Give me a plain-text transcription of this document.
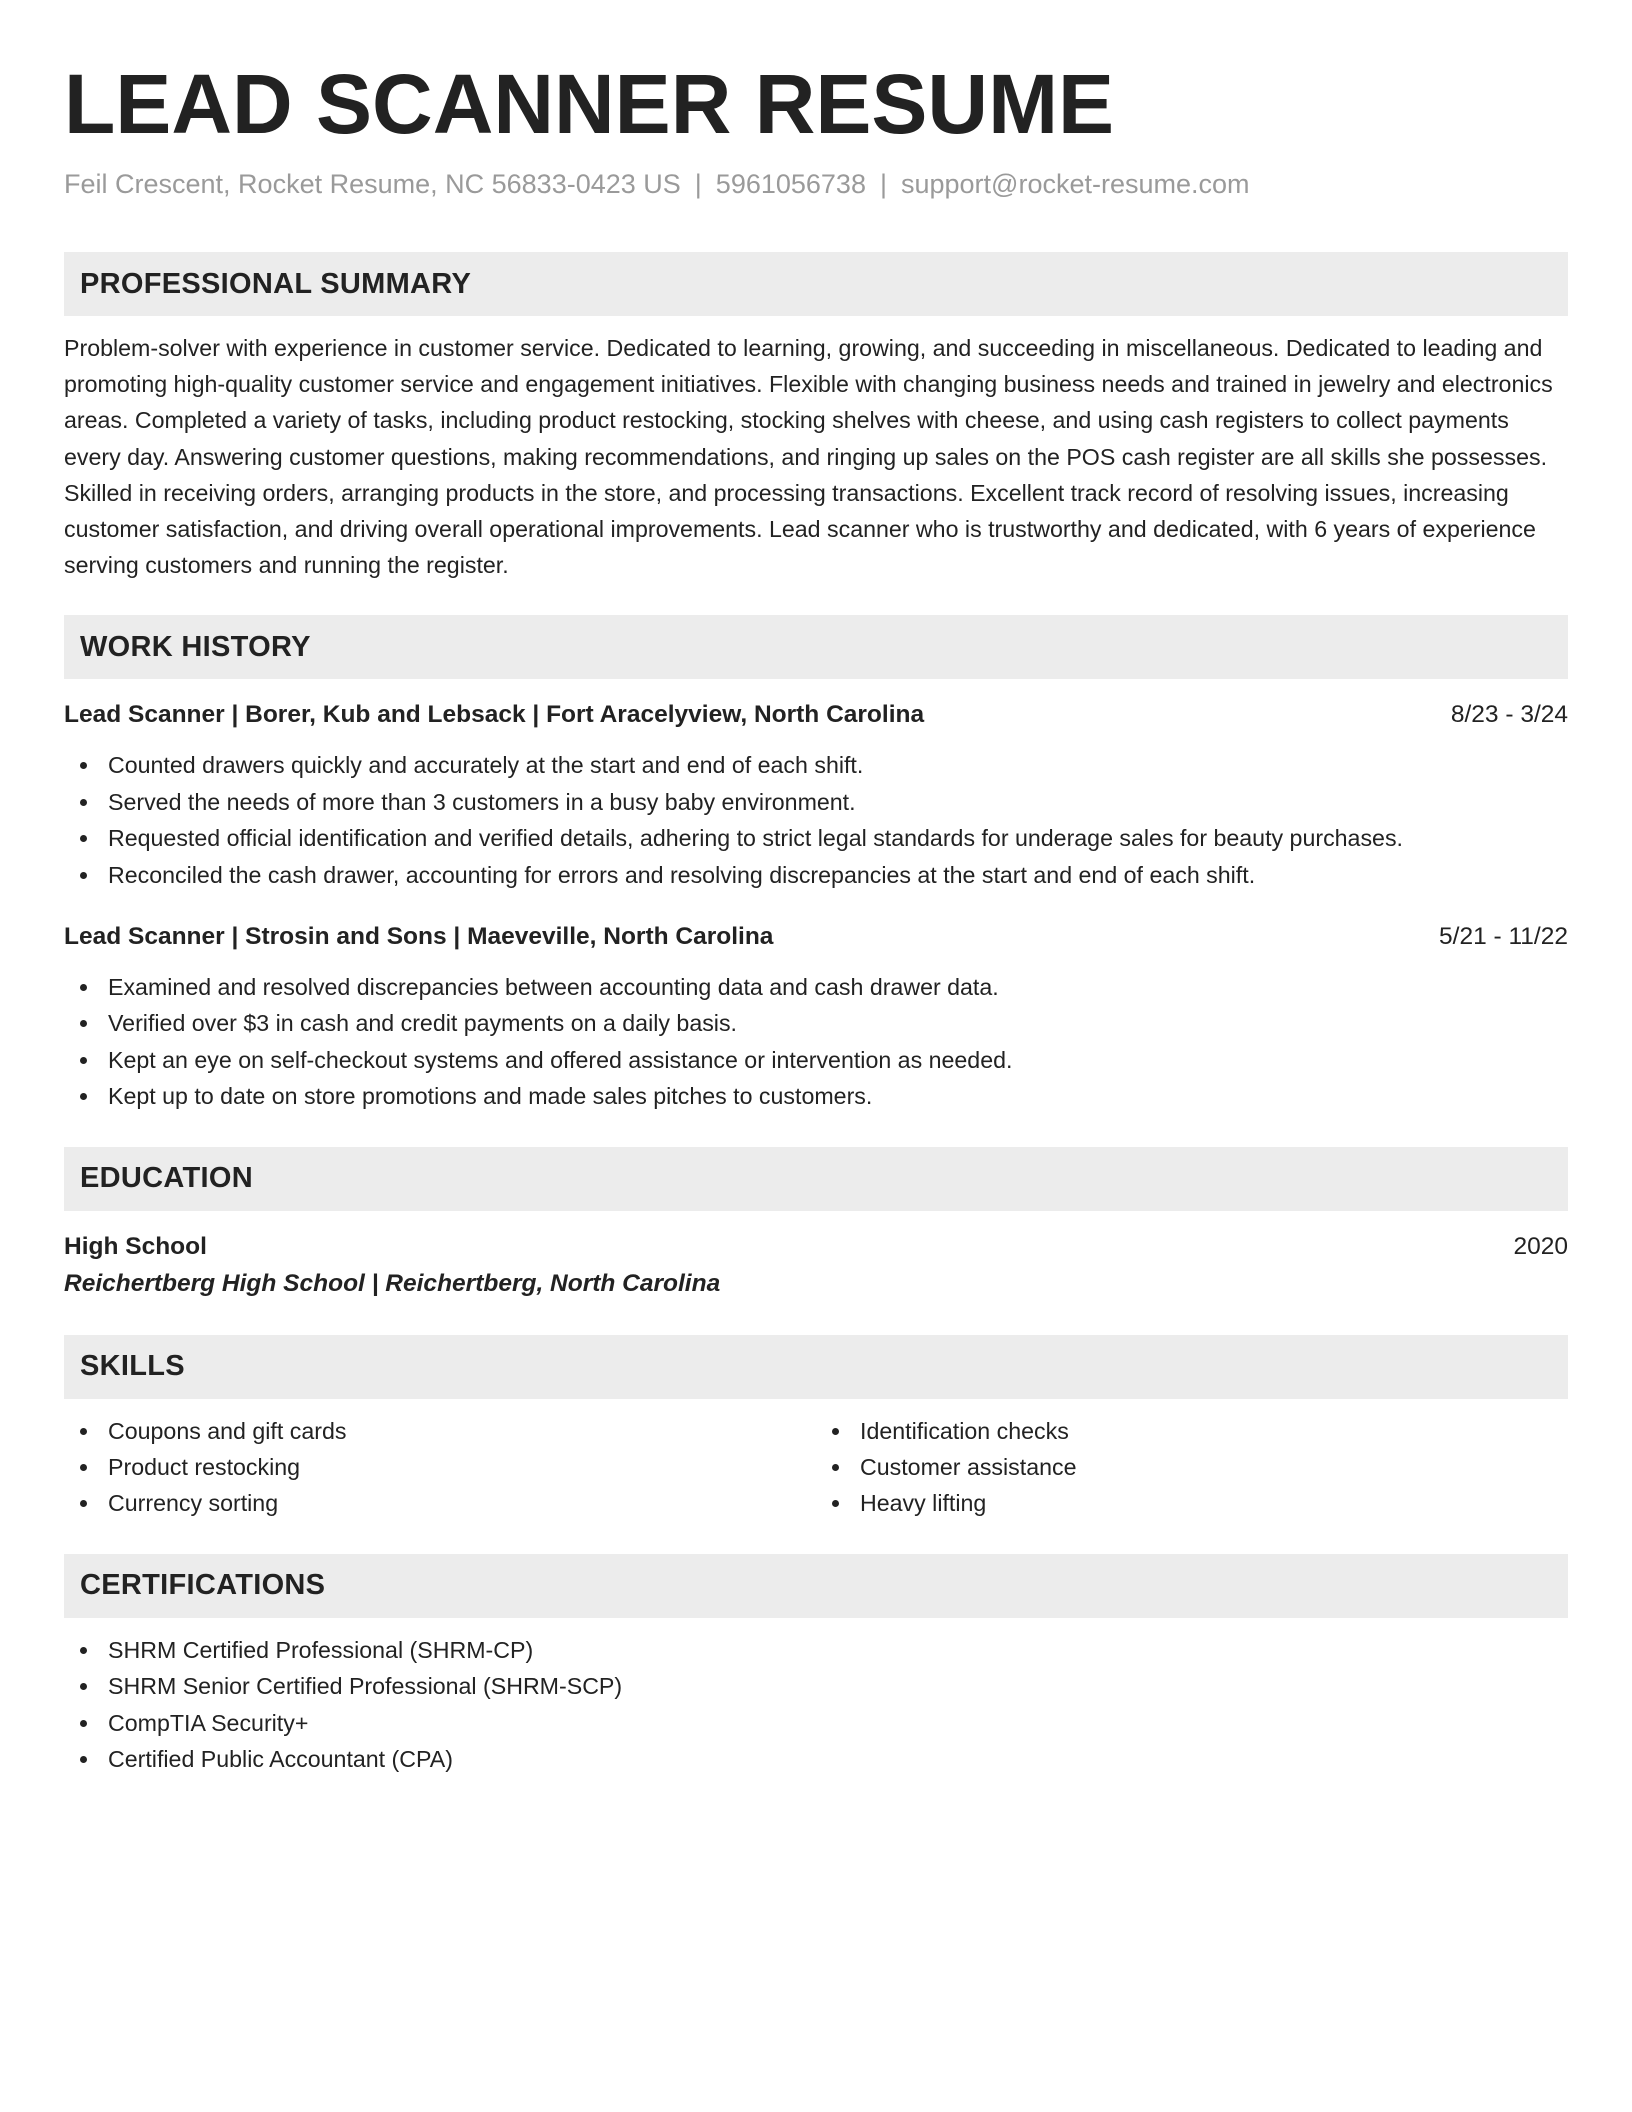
LEAD SCANNER RESUME
Feil Crescent, Rocket Resume, NC 56833-0423 US | 5961056738 | support@rocket-resume.com
PROFESSIONAL SUMMARY

Problem-solver with experience in customer service. Dedicated to learning, growing, and succeeding in miscellaneous. Dedicated to leading and promoting high-quality customer service and engagement initiatives. Flexible with changing business needs and trained in jewelry and electronics areas. Completed a variety of tasks, including product restocking, stocking shelves with cheese, and using cash registers to collect payments every day. Answering customer questions, making recommendations, and ringing up sales on the POS cash register are all skills she possesses. Skilled in receiving orders, arranging products in the store, and processing transactions. Excellent track record of resolving issues, increasing customer satisfaction, and driving overall operational improvements. Lead scanner who is trustworthy and dedicated, with 6 years of experience serving customers and running the register.

WORK HISTORY
Lead Scanner | Borer, Kub and Lebsack | Fort Aracelyview, North Carolina	8/23 - 3/24
Counted drawers quickly and accurately at the start and end of each shift.
Served the needs of more than 3 customers in a busy baby environment.
Requested official identification and verified details, adhering to strict legal standards for underage sales for beauty purchases.
Reconciled the cash drawer, accounting for errors and resolving discrepancies at the start and end of each shift.
Lead Scanner | Strosin and Sons | Maeveville, North Carolina	5/21 - 11/22
Examined and resolved discrepancies between accounting data and cash drawer data.
Verified over $3 in cash and credit payments on a daily basis.
Kept an eye on self-checkout systems and offered assistance or intervention as needed.
Kept up to date on store promotions and made sales pitches to customers.
EDUCATION
High School	2020
Reichertberg High School | Reichertberg, North Carolina
SKILLS
Coupons and gift cards
Product restocking
Currency sorting
Identification checks
Customer assistance
Heavy lifting
CERTIFICATIONS
SHRM Certified Professional (SHRM-CP)
SHRM Senior Certified Professional (SHRM-SCP)
CompTIA Security+
Certified Public Accountant (CPA)
